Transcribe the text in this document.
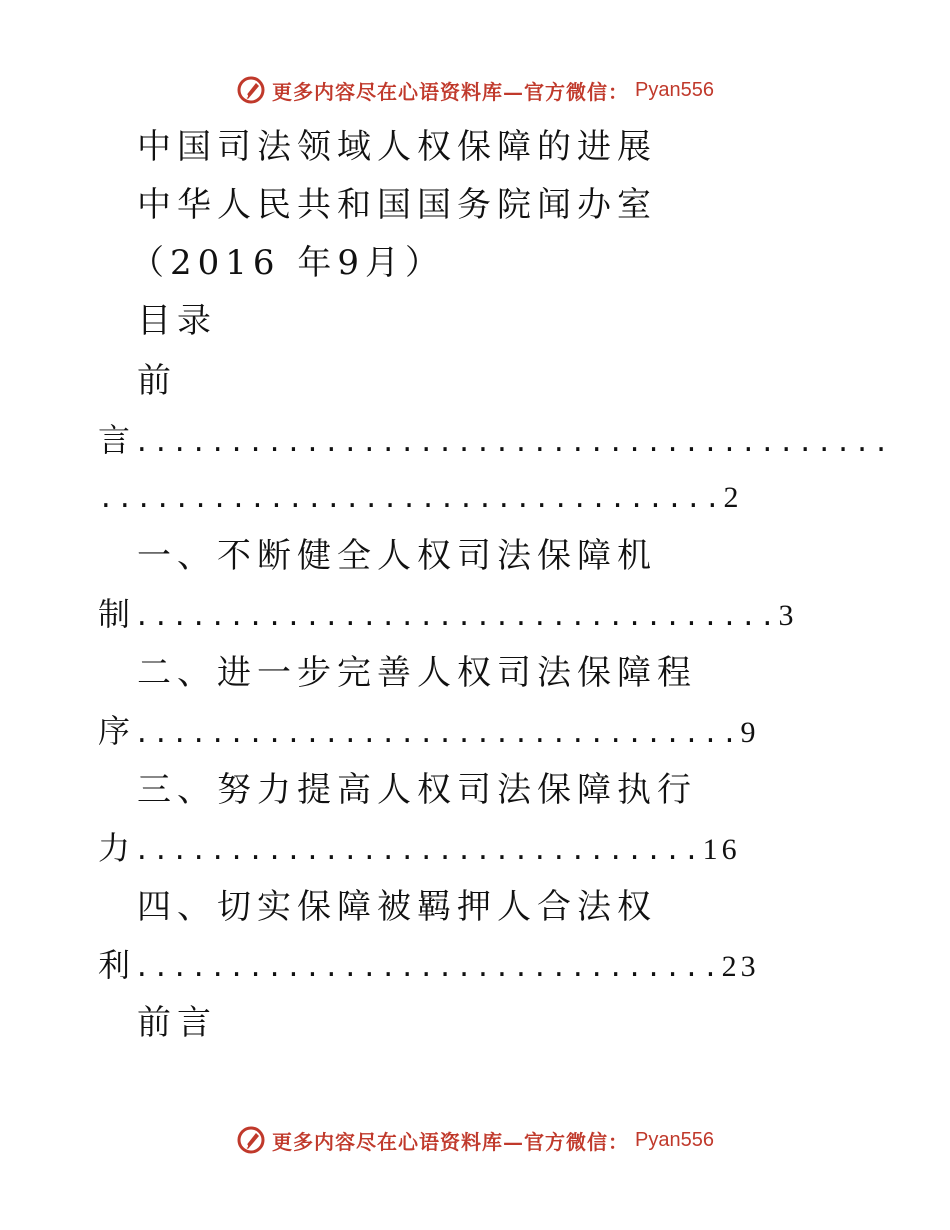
更多内容尽在心语资料库—官方微信： Pyan556
中国司法领域人权保障的进展
中华人民共和国国务院闻办室
（2016 年9月）
目录
前
言 ........................................
................................. 2
一、不断健全人权司法保障机
制 .................................. 3
二、进一步完善人权司法保障程
序 ................................ 9
三、努力提高人权司法保障执行
力 .............................. 16
四、切实保障被羁押人合法权
利 ............................... 23
前言
更多内容尽在心语资料库—官方微信： Pyan556
